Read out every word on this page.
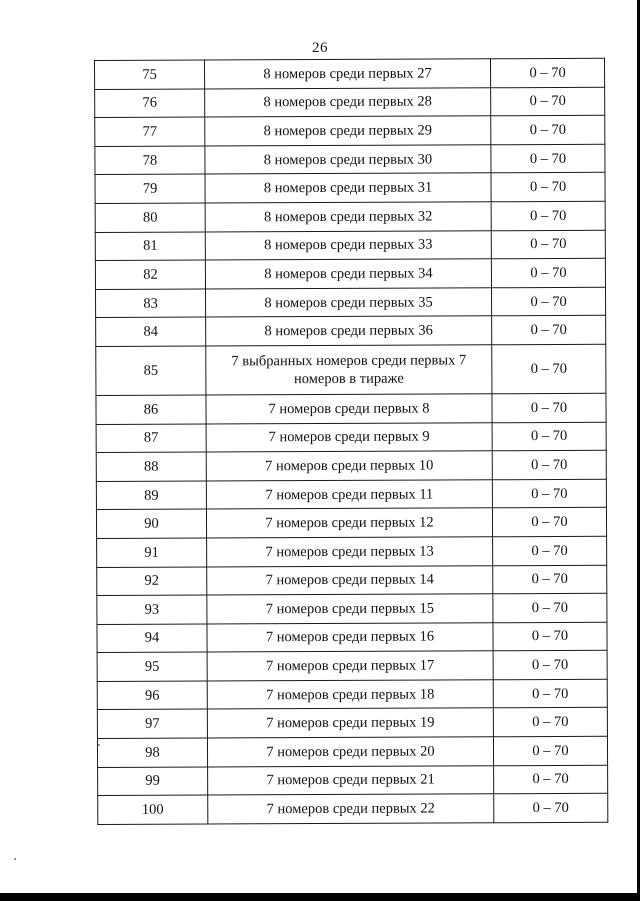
26
75	8 номеров среди первых 27	0 – 70
76	8 номеров среди первых 28	0 – 70
77	8 номеров среди первых 29	0 – 70
78	8 номеров среди первых 30	0 – 70
79	8 номеров среди первых 31	0 – 70
80	8 номеров среди первых 32	0 – 70
81	8 номеров среди первых 33	0 – 70
82	8 номеров среди первых 34	0 – 70
83	8 номеров среди первых 35	0 – 70
84	8 номеров среди первых 36	0 – 70
85	7 выбранных номеров среди первых 7 номеров в тираже	0 – 70
86	7 номеров среди первых 8	0 – 70
87	7 номеров среди первых 9	0 – 70
88	7 номеров среди первых 10	0 – 70
89	7 номеров среди первых 11	0 – 70
90	7 номеров среди первых 12	0 – 70
91	7 номеров среди первых 13	0 – 70
92	7 номеров среди первых 14	0 – 70
93	7 номеров среди первых 15	0 – 70
94	7 номеров среди первых 16	0 – 70
95	7 номеров среди первых 17	0 – 70
96	7 номеров среди первых 18	0 – 70
97	7 номеров среди первых 19	0 – 70
98	7 номеров среди первых 20	0 – 70
99	7 номеров среди первых 21	0 – 70
100	7 номеров среди первых 22	0 – 70
